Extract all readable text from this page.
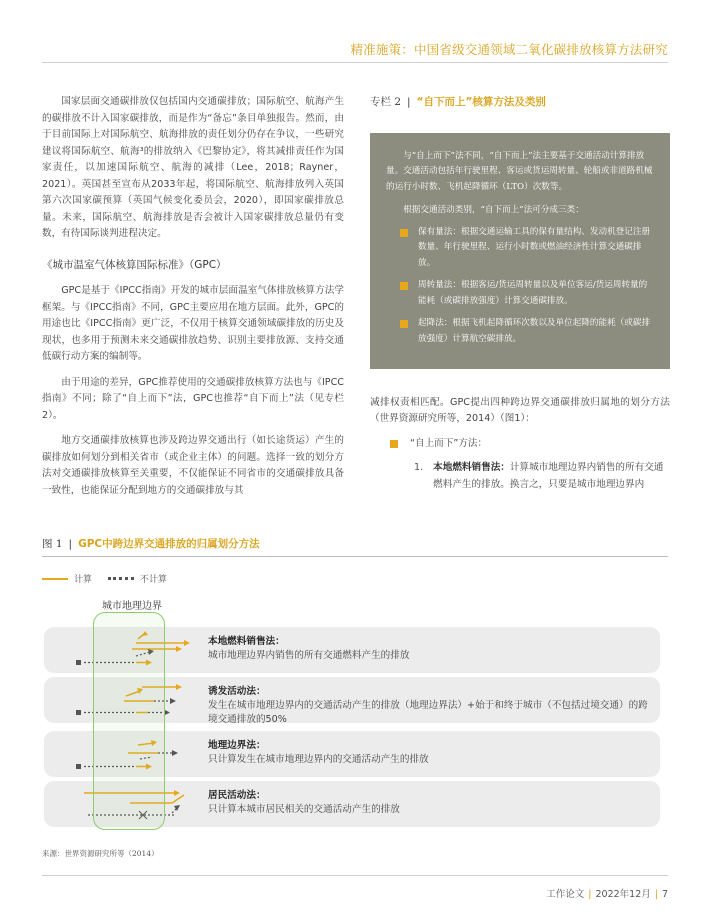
精准施策：中国省级交通领域二氧化碳排放核算方法研究

国家层面交通碳排放仅包括国内交通碳排放；国际航空、航海产生的碳排放不计入国家碳排放，而是作为“备忘”条目单独报告。然而，由于目前国际上对国际航空、航海排放的责任划分仍存在争议，一些研究建议将国际航空、航海³的排放纳入《巴黎协定》，将其减排责任作为国家责任，以加速国际航空、航海的减排（Lee，2018；Rayner，2021）。英国甚至宣布从2033年起，将国际航空、航海排放列入英国第六次国家碳预算（英国气候变化委员会，2020），即国家碳排放总量。未来，国际航空、航海排放是否会被计入国家碳排放总量仍有变数，有待国际谈判进程决定。

《城市温室气体核算国际标准》（GPC）

GPC是基于《IPCC指南》开发的城市层面温室气体排放核算方法学框架。与《IPCC指南》不同，GPC主要应用在地方层面。此外，GPC的用途也比《IPCC指南》更广泛，不仅用于核算交通领域碳排放的历史及现状，也多用于预测未来交通碳排放趋势、识别主要排放源、支持交通低碳行动方案的编制等。

由于用途的差异，GPC推荐使用的交通碳排放核算方法也与《IPCC指南》不同；除了“自上而下”法，GPC也推荐“自下而上”法（见专栏2）。

地方交通碳排放核算也涉及跨边界交通出行（如长途货运）产生的碳排放如何划分到相关省市（或企业主体）的问题。选择一致的划分方法对交通碳排放核算至关重要，不仅能保证不同省市的交通碳排放具备一致性，也能保证分配到地方的交通碳排放与其

专栏 2 | “自下而上”核算方法及类别

与“自上而下”法不同，“自下而上”法主要基于交通活动计算排放量。交通活动包括年行驶里程、客运或货运周转量、轮船或非道路机械的运行小时数、飞机起降循环（LTO）次数等。

根据交通活动类别，“自下而上”法可分成三类：

保有量法：根据交通运输工具的保有量结构、发动机登记注册数量、年行驶里程、运行小时数或燃油经济性计算交通碳排放。
周转量法：根据客运/货运周转量以及单位客运/货运周转量的能耗（或碳排放强度）计算交通碳排放。
起降法：根据飞机起降循环次数以及单位起降的能耗（或碳排放强度）计算航空碳排放。

减排权责相匹配。GPC提出四种跨边界交通碳排放归属地的划分方法（世界资源研究所等，2014）（图1）：

“自上而下”方法：
1. 本地燃料销售法：计算城市地理边界内销售的所有交通燃料产生的排放。换言之，只要是城市地理边界内
图 1 | GPC中跨边界交通排放的归属划分方法
计算	不计算
城市地理边界
本地燃料销售法：
城市地理边界内销售的所有交通燃料产生的排放
诱发活动法：
发生在城市地理边界内的交通活动产生的排放（地理边界法）+始于和终于城市（不包括过境交通）的跨境交通排放的50%
地理边界法：
只计算发生在城市地理边界内的交通活动产生的排放
居民活动法：
只计算本城市居民相关的交通活动产生的排放
来源：世界资源研究所等（2014）
工作论文 | 2022年12月 | 7
